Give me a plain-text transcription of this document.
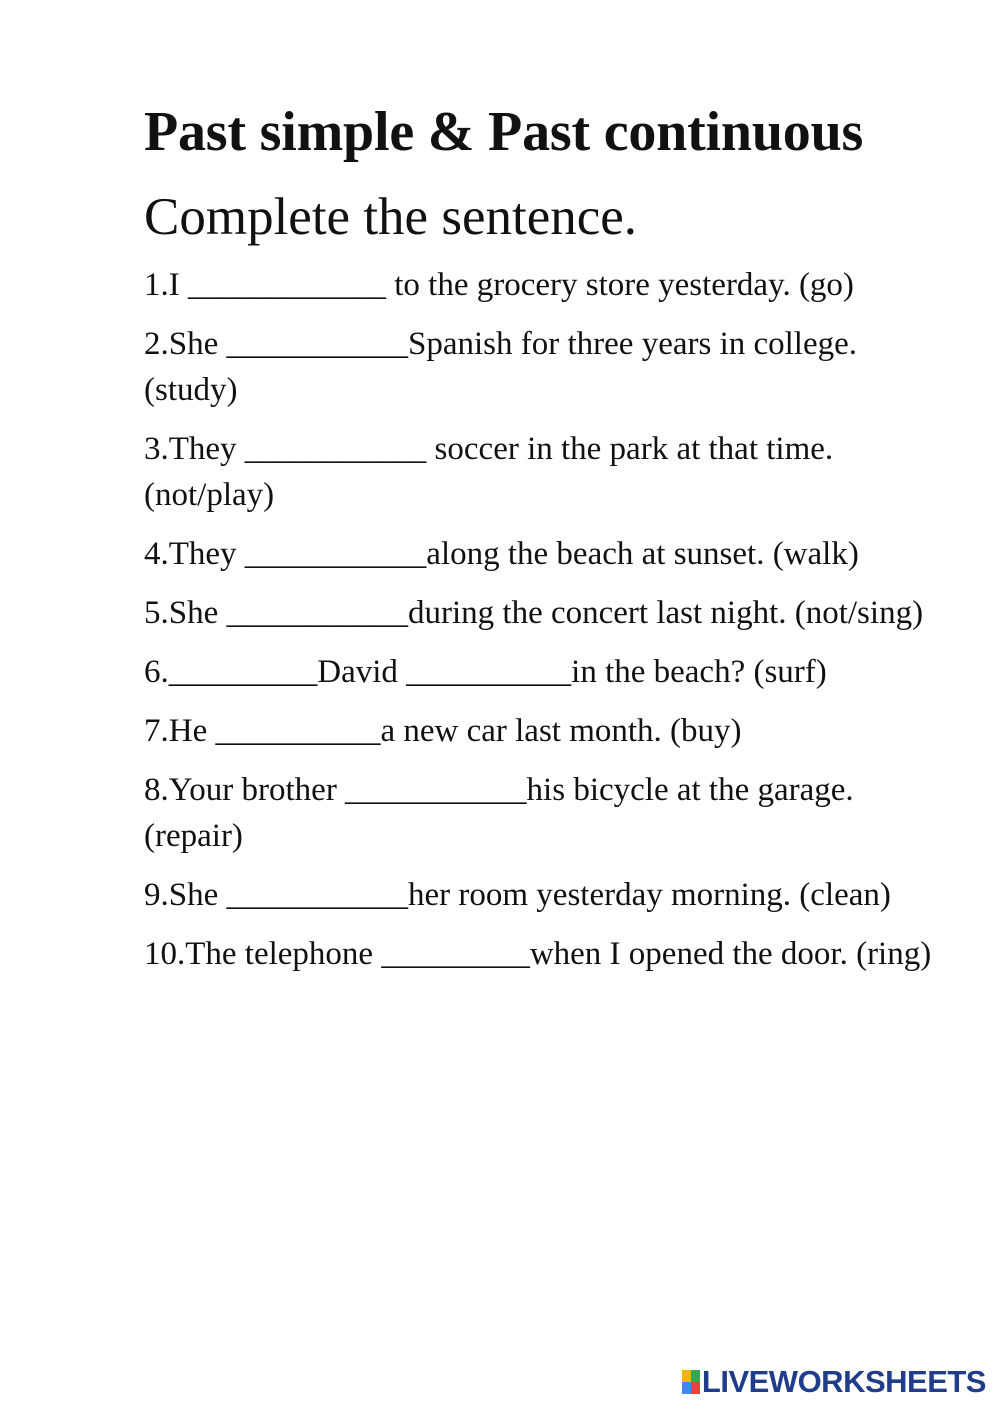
Past simple & Past continuous
Complete the sentence.
1.I ____________ to the grocery store yesterday. (go)
2.She ___________Spanish for three years in college. (study)
3.They ___________ soccer in the park at that time. (not/play)
4.They ___________along the beach at sunset. (walk)
5.She ___________during the concert last night. (not/sing)
6._________David __________in the beach? (surf)
7.He __________a new car last month. (buy)
8.Your brother ___________his bicycle at the garage. (repair)
9.She ___________her room yesterday morning. (clean)
10.The telephone _________when I opened the door. (ring)
LIVEWORKSHEETS
